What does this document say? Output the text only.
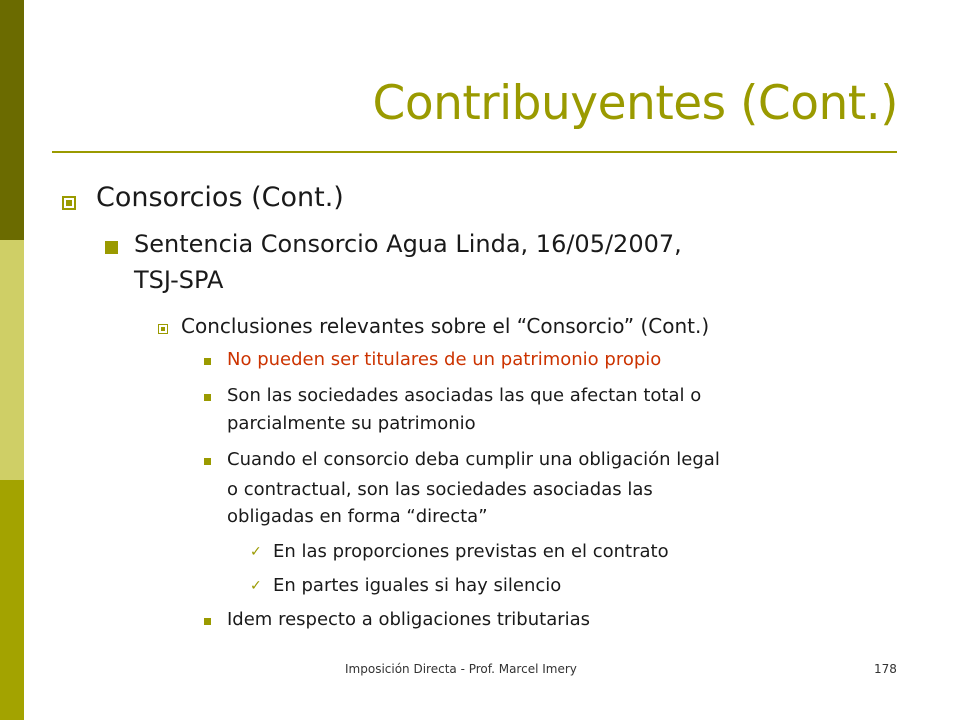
Contribuyentes (Cont.)
Consorcios (Cont.)
Sentencia Consorcio Agua Linda, 16/05/2007,
TSJ-SPA
Conclusiones relevantes sobre el “Consorcio” (Cont.)
No pueden ser titulares de un patrimonio propio
Son las sociedades asociadas las que afectan total o
parcialmente su patrimonio
Cuando el consorcio deba cumplir una obligación legal
o contractual, son las sociedades asociadas las
obligadas en forma “directa”
✓ En las proporciones previstas en el contrato
✓ En partes iguales si hay silencio
Idem respecto a obligaciones tributarias
Imposición Directa - Prof. Marcel Imery	178
